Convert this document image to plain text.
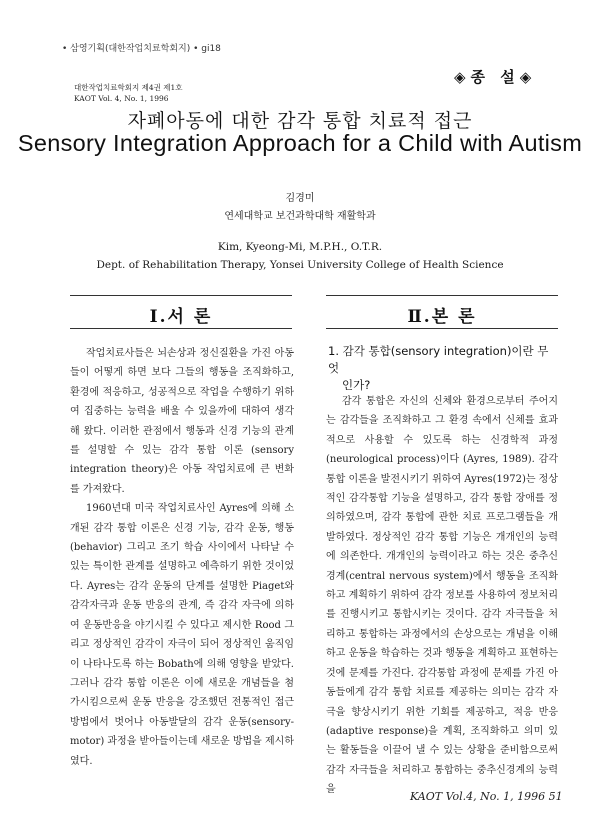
• 삼영기획(대한작업치료학회지) • gi18
대한작업치료학회지 제4권 제1호
KAOT Vol. 4, No. 1, 1996
◈종 설◈
자폐아동에 대한 감각 통합 치료적 접근
Sensory Integration Approach for a Child with Autism
김경미
연세대학교 보건과학대학 재활학과
Kim, Kyeong-Mi, M.P.H., O.T.R.
Dept. of Rehabilitation Therapy, Yonsei University College of Health Science
Ⅰ.서 론	Ⅱ.본 론

작업치료사들은 뇌손상과 정신질환을 가진 아동들이 어떻게 하면 보다 그들의 행동을 조직화하고, 환경에 적응하고, 성공적으로 작업을 수행하기 위하여 집중하는 능력을 배울 수 있을까에 대하여 생각해 왔다. 이러한 관점에서 행동과 신경 기능의 관계를 설명할 수 있는 감각 통합 이론 (sensory integration theory)은 아동 작업치료에 큰 변화를 가져왔다.

1960년대 미국 작업치료사인 Ayres에 의해 소개된 감각 통합 이론은 신경 기능, 감각 운동, 행동(behavior) 그리고 조기 학습 사이에서 나타날 수 있는 특이한 관계를 설명하고 예측하기 위한 것이었다. Ayres는 감각 운동의 단계를 설명한 Piaget와 감각자극과 운동 반응의 관계, 즉 감각 자극에 의하여 운동반응을 야기시킬 수 있다고 제시한 Rood 그리고 정상적인 감각이 자극이 되어 정상적인 움직임이 나타나도록 하는 Bobath에 의해 영향을 받았다. 그러나 감각 통합 이론은 이에 새로운 개념들을 첨가시킴으로써 운동 반응을 강조했던 전통적인 접근 방법에서 벗어나 아동발달의 감각 운동(sensory-motor) 과정을 받아들이는데 새로운 방법을 제시하였다.

1. 감각 통합(sensory integration)이란 무엇
인가?

감각 통합은 자신의 신체와 환경으로부터 주어지는 감각들을 조직화하고 그 환경 속에서 신체를 효과적으로 사용할 수 있도록 하는 신경학적 과정(neurological process)이다 (Ayres, 1989). 감각 통합 이론을 발전시키기 위하여 Ayres(1972)는 정상적인 감각통합 기능을 설명하고, 감각 통합 장애를 정의하였으며, 감각 통합에 관한 치료 프로그램들을 개발하였다. 정상적인 감각 통합 기능은 개개인의 능력에 의존한다. 개개인의 능력이라고 하는 것은 중추신경계(central nervous system)에서 행동을 조직화하고 계획하기 위하여 감각 정보를 사용하여 정보처리를 진행시키고 통합시키는 것이다. 감각 자극들을 처리하고 통합하는 과정에서의 손상으로는 개념을 이해하고 운동을 학습하는 것과 행동을 계획하고 표현하는 것에 문제를 가진다. 감각통합 과정에 문제를 가진 아동들에게 감각 통합 치료를 제공하는 의미는 감각 자극을 향상시키기 위한 기회를 제공하고, 적응 반응(adaptive response)을 계획, 조직화하고 의미 있는 활동들을 이끌어 낼 수 있는 상황을 준비함으로써 감각 자극들을 처리하고 통합하는 중추신경계의 능력을

KAOT Vol.4, No. 1, 1996 51
